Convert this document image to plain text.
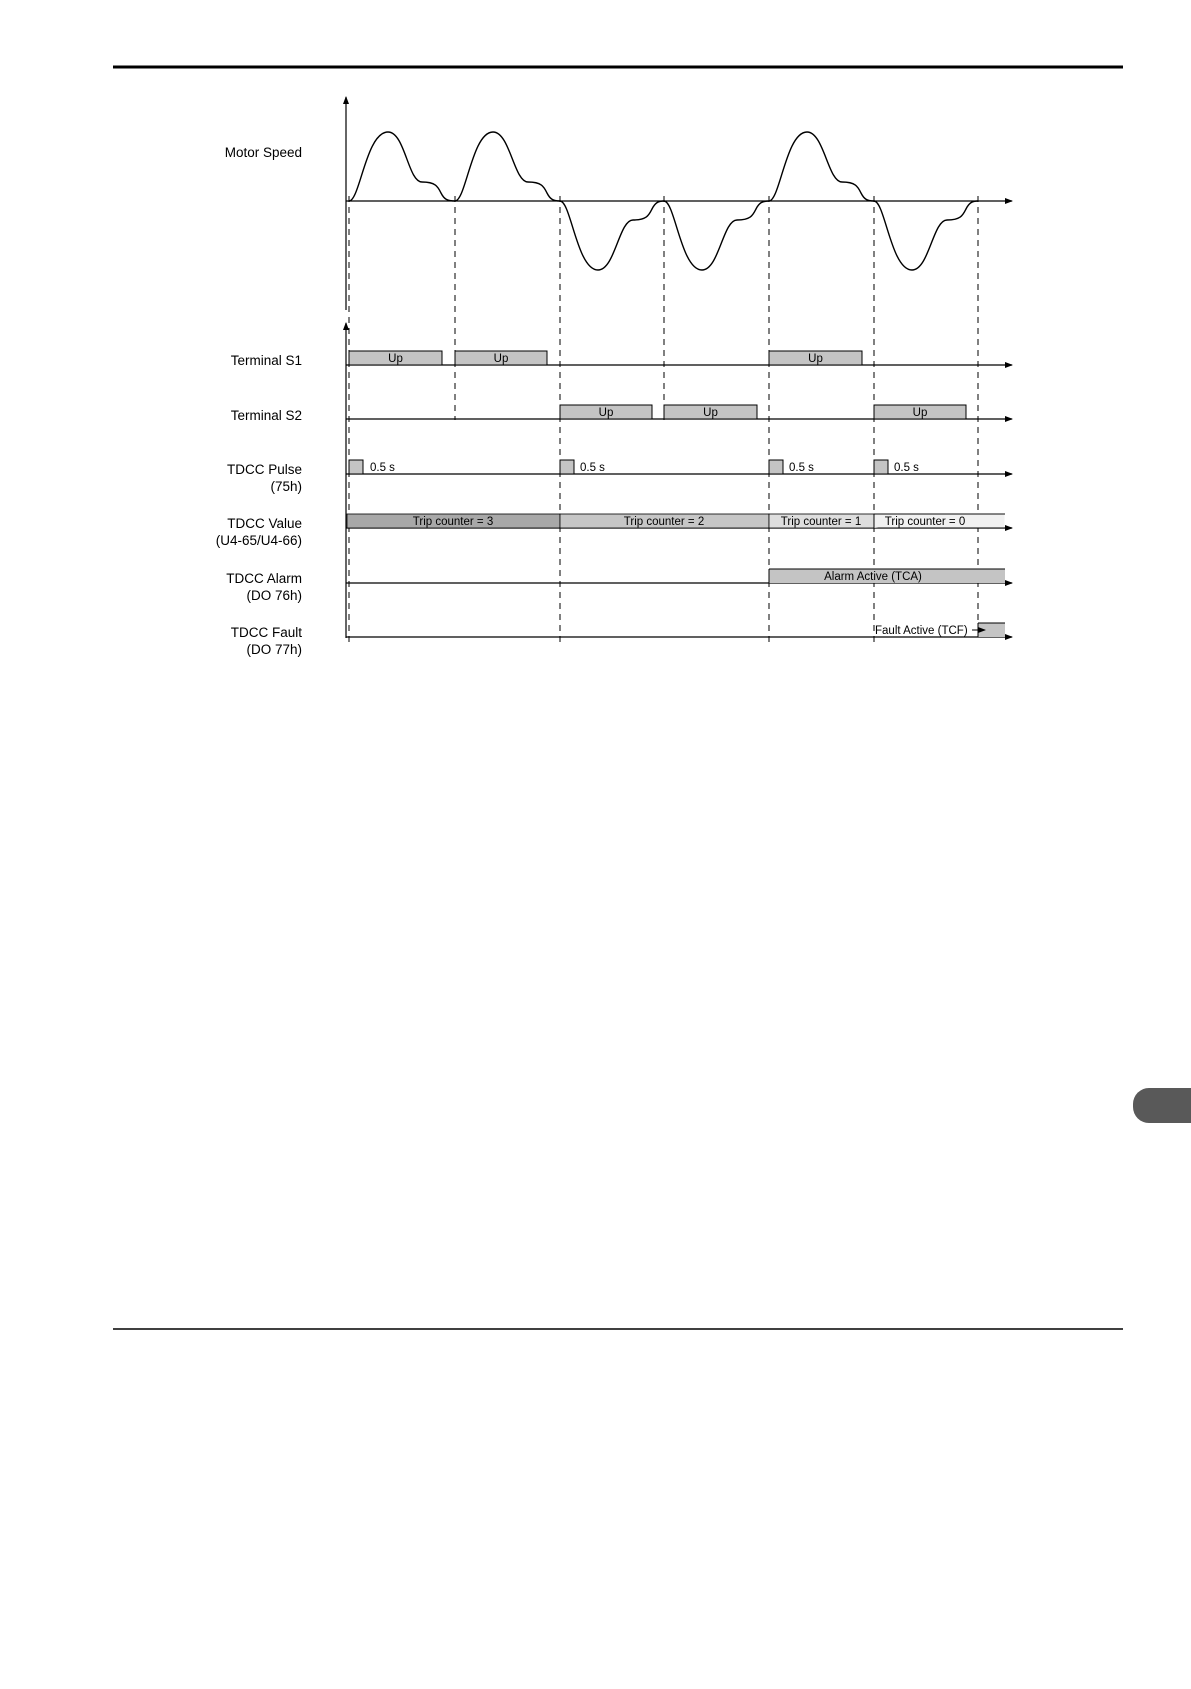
Motor Speed
Terminal S1
Terminal S2
TDCC Pulse
(75h)
TDCC Value
(U4-65/U4-66)
TDCC Alarm
(DO 76h)
TDCC Fault
(DO 77h)
Up	Up	Up
Up	Up	Up
0.5 s	0.5 s	0.5 s	0.5 s
Trip counter = 3	Trip counter = 2	Trip counter = 1 Trip counter = 0
Alarm Active (TCA)
Fault Active (TCF)
